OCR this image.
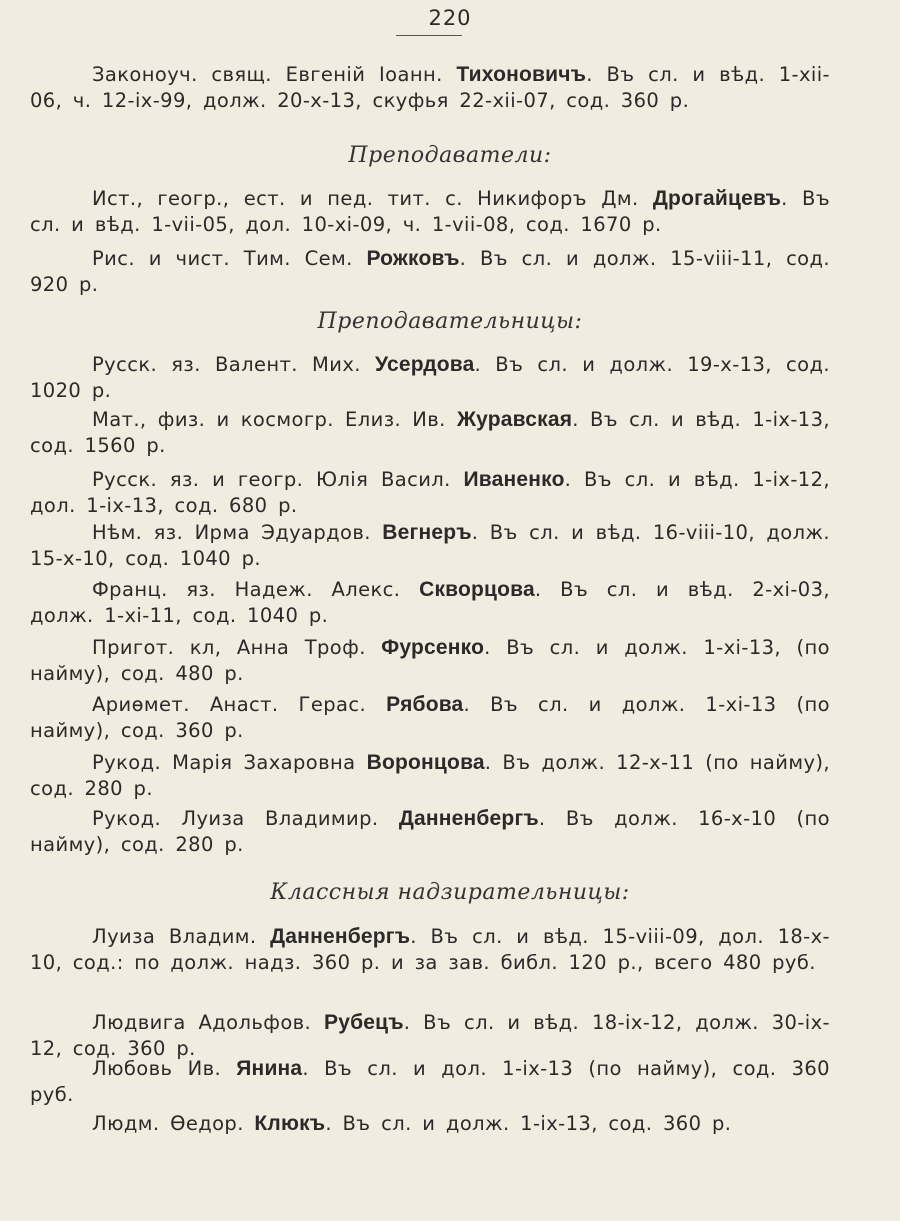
220
Законоуч. свящ. Евгеній Іоанн. Тихоновичъ. Въ сл. и вѣд. 1-xii-06, ч. 12-ix-99, долж. 20-x-13, скуфья 22-xii-07, сод. 360 р.
Преподаватели:
Ист., геогр., ест. и пед. тит. с. Никифоръ Дм. Дрогайцевъ. Въ сл. и вѣд. 1-vii-05, дол. 10-xi-09, ч. 1-vii-08, сод. 1670 р.
Рис. и чист. Тим. Сем. Рожковъ. Въ сл. и долж. 15-viii-11, сод. 920 р.
Преподавательницы:
Русск. яз. Валент. Мих. Усердова. Въ сл. и долж. 19-x-13, сод. 1020 р.
Мат., физ. и космогр. Елиз. Ив. Журавская. Въ сл. и вѣд. 1-ix-13, сод. 1560 р.
Русск. яз. и геогр. Юлія Васил. Иваненко. Въ сл. и вѣд. 1-ix-12, дол. 1-ix-13, сод. 680 р.
Нѣм. яз. Ирма Эдуардов. Вегнеръ. Въ сл. и вѣд. 16-viii-10, долж. 15-x-10, сод. 1040 р.
Франц. яз. Надеж. Алекс. Скворцова. Въ сл. и вѣд. 2-xi-03, долж. 1-xi-11, сод. 1040 р.
Пригот. кл, Анна Троф. Фурсенко. Въ сл. и долж. 1-xi-13, (по найму), сод. 480 р.
Ариѳмет. Анаст. Герас. Рябова. Въ сл. и долж. 1-xi-13 (по найму), сод. 360 р.
Рукод. Марія Захаровна Воронцова. Въ долж. 12-x-11 (по найму), сод. 280 р.
Рукод. Луиза Владимир. Данненбергъ. Въ долж. 16-x-10 (по найму), сод. 280 р.
Классныя надзирательницы:
Луиза Владим. Данненбергъ. Въ сл. и вѣд. 15-viii-09, дол. 18-x-10, сод.: по долж. надз. 360 р. и за зав. библ. 120 р., всего 480 руб.
Людвига Адольфов. Рубецъ. Въ сл. и вѣд. 18-ix-12, долж. 30-ix-12, сод. 360 р.
Любовь Ив. Янина. Въ сл. и дол. 1-ix-13 (по найму), сод. 360 руб.
Людм. Ѳедор. Клюкъ. Въ сл. и долж. 1-ix-13, сод. 360 р.
